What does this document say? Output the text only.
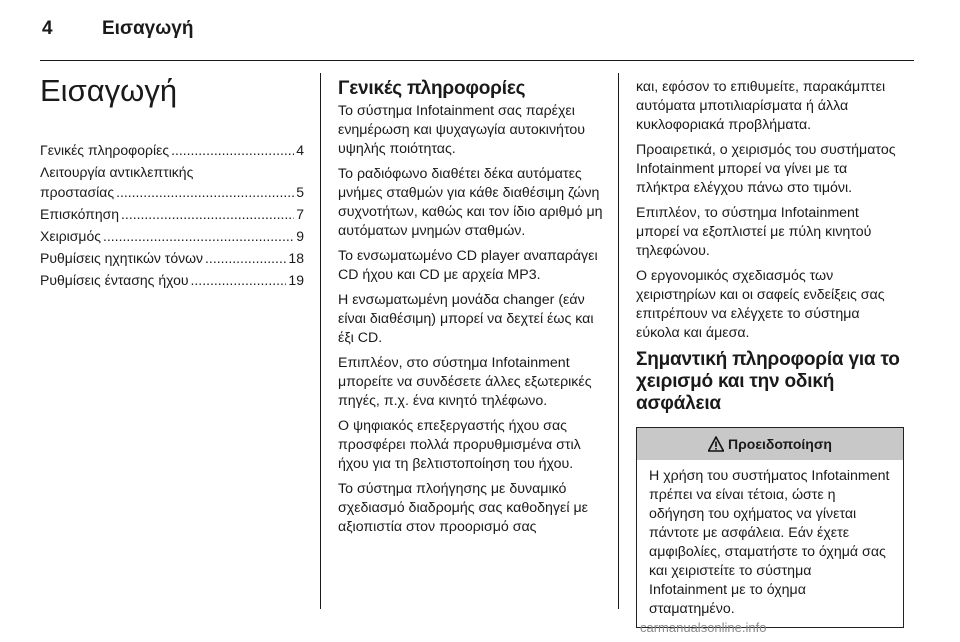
4	Εισαγωγή
Εισαγωγή
Γενικές πληροφορίες .....	4
Λειτουργία αντικλεπτικής
προστασίας .....	5
Επισκόπηση .....	7
Χειρισμός .....	9
Ρυθμίσεις ηχητικών τόνων .....	18
Ρυθμίσεις έντασης ήχου .....	19
Γενικές πληροφορίες

Το σύστημα Infotainment σας παρέχει ενημέρωση και ψυχαγωγία αυτοκινήτου υψηλής ποιότητας.

Το ραδιόφωνο διαθέτει δέκα αυτόματες μνήμες σταθμών για κάθε διαθέσιμη ζώνη συχνοτήτων, καθώς και τον ίδιο αριθμό μη αυτόματων μνημών σταθμών.

Το ενσωματωμένο CD player αναπαράγει CD ήχου και CD με αρχεία MP3.

Η ενσωματωμένη μονάδα changer (εάν είναι διαθέσιμη) μπορεί να δεχτεί έως και έξι CD.

Επιπλέον, στο σύστημα Infotainment μπορείτε να συνδέσετε άλλες εξωτερικές πηγές, π.χ. ένα κινητό τηλέφωνο.

Ο ψηφιακός επεξεργαστής ήχου σας προσφέρει πολλά προρυθμισμένα στιλ ήχου για τη βελτιστοποίηση του ήχου.

Το σύστημα πλοήγησης με δυναμικό σχεδιασμό διαδρομής σας καθοδηγεί με αξιοπιστία στον προορισμό σας

και, εφόσον το επιθυμείτε, παρακάμπτει αυτόματα μποτιλιαρίσματα ή άλλα κυκλοφοριακά προβλήματα.

Προαιρετικά, ο χειρισμός του συστήματος Infotainment μπορεί να γίνει με τα πλήκτρα ελέγχου πάνω στο τιμόνι.

Επιπλέον, το σύστημα Infotainment μπορεί να εξοπλιστεί με πύλη κινητού τηλεφώνου.

Ο εργονομικός σχεδιασμός των χειριστηρίων και οι σαφείς ενδείξεις σας επιτρέπουν να ελέγχετε το σύστημα εύκολα και άμεσα.

Σημαντική πληροφορία για το χειρισμό και την οδική ασφάλεια
Προειδοποίηση
Η χρήση του συστήματος Infotainment πρέπει να είναι τέτοια, ώστε η οδήγηση του οχήματος να γίνεται πάντοτε με ασφάλεια. Εάν έχετε αμφιβολίες, σταματήστε το όχημά σας και χειριστείτε το σύστημα Infotainment με το όχημα σταματημένο.
carmanualsonline.info
